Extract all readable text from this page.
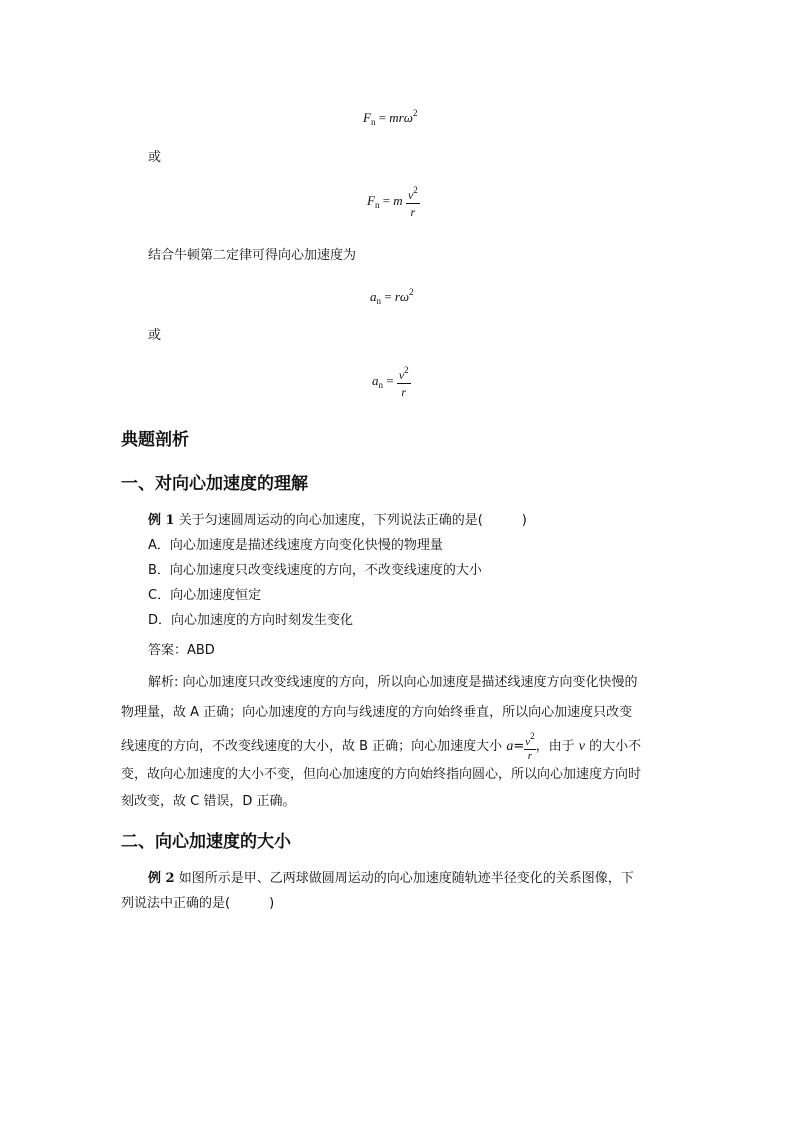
$F_n = mr\omega^2$
或
$F_n = m \frac{v^2}{r}$
结合牛顿第二定律可得向心加速度为
$a_n = r\omega^2$
或
$a_n = \frac{v^2}{r}$
典题剖析
一、对向心加速度的理解
例 1 关于匀速圆周运动的向心加速度，下列说法正确的是(　　　)
A．向心加速度是描述线速度方向变化快慢的物理量
B．向心加速度只改变线速度的方向，不改变线速度的大小
C．向心加速度恒定
D．向心加速度的方向时刻发生变化
答案：ABD
解析: 向心加速度只改变线速度的方向，所以向心加速度是描述线速度方向变化快慢的
物理量，故 A 正确；向心加速度的方向与线速度的方向始终垂直，所以向心加速度只改变
线速度的方向，不改变线速度的大小，故 B 正确；向心加速度大小 $a= \frac{v^2}{r}$ ，由于 v 的大小不
变，故向心加速度的大小不变，但向心加速度的方向始终指向圆心，所以向心加速度方向时
刻改变，故 C 错误，D 正确。
二、向心加速度的大小
例 2 如图所示是甲、乙两球做圆周运动的向心加速度随轨迹半径变化的关系图像，下
列说法中正确的是(　　　)
